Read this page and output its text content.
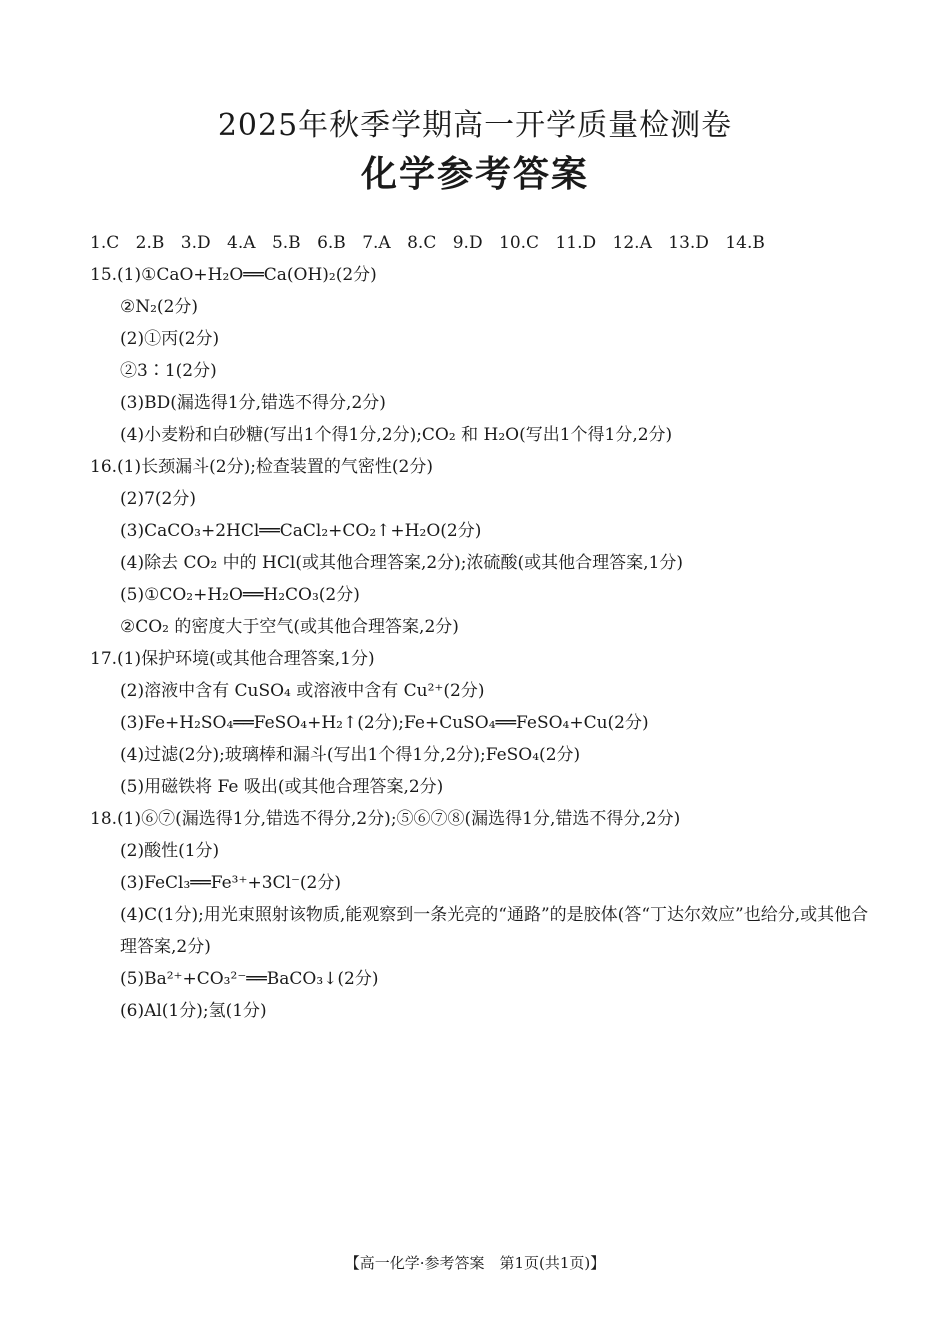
2025年秋季学期高一开学质量检测卷
化学参考答案
1.C 2.B 3.D 4.A 5.B 6.B 7.A 8.C 9.D 10.C 11.D 12.A 13.D 14.B
15.(1)①CaO+H₂O══Ca(OH)₂(2分)
②N₂(2分)
(2)①丙(2分)
②3∶1(2分)
(3)BD(漏选得1分,错选不得分,2分)
(4)小麦粉和白砂糖(写出1个得1分,2分);CO₂ 和 H₂O(写出1个得1分,2分)
16.(1)长颈漏斗(2分);检查装置的气密性(2分)
(2)7(2分)
(3)CaCO₃+2HCl══CaCl₂+CO₂↑+H₂O(2分)
(4)除去 CO₂ 中的 HCl(或其他合理答案,2分);浓硫酸(或其他合理答案,1分)
(5)①CO₂+H₂O══H₂CO₃(2分)
②CO₂ 的密度大于空气(或其他合理答案,2分)
17.(1)保护环境(或其他合理答案,1分)
(2)溶液中含有 CuSO₄ 或溶液中含有 Cu²⁺(2分)
(3)Fe+H₂SO₄══FeSO₄+H₂↑(2分);Fe+CuSO₄══FeSO₄+Cu(2分)
(4)过滤(2分);玻璃棒和漏斗(写出1个得1分,2分);FeSO₄(2分)
(5)用磁铁将 Fe 吸出(或其他合理答案,2分)
18.(1)⑥⑦(漏选得1分,错选不得分,2分);⑤⑥⑦⑧(漏选得1分,错选不得分,2分)
(2)酸性(1分)
(3)FeCl₃══Fe³⁺+3Cl⁻(2分)
(4)C(1分);用光束照射该物质,能观察到一条光亮的“通路”的是胶体(答“丁达尔效应”也给分,或其他合理答案,2分)
(5)Ba²⁺+CO₃²⁻══BaCO₃↓(2分)
(6)Al(1分);氢(1分)
【高一化学·参考答案　第1页(共1页)】
